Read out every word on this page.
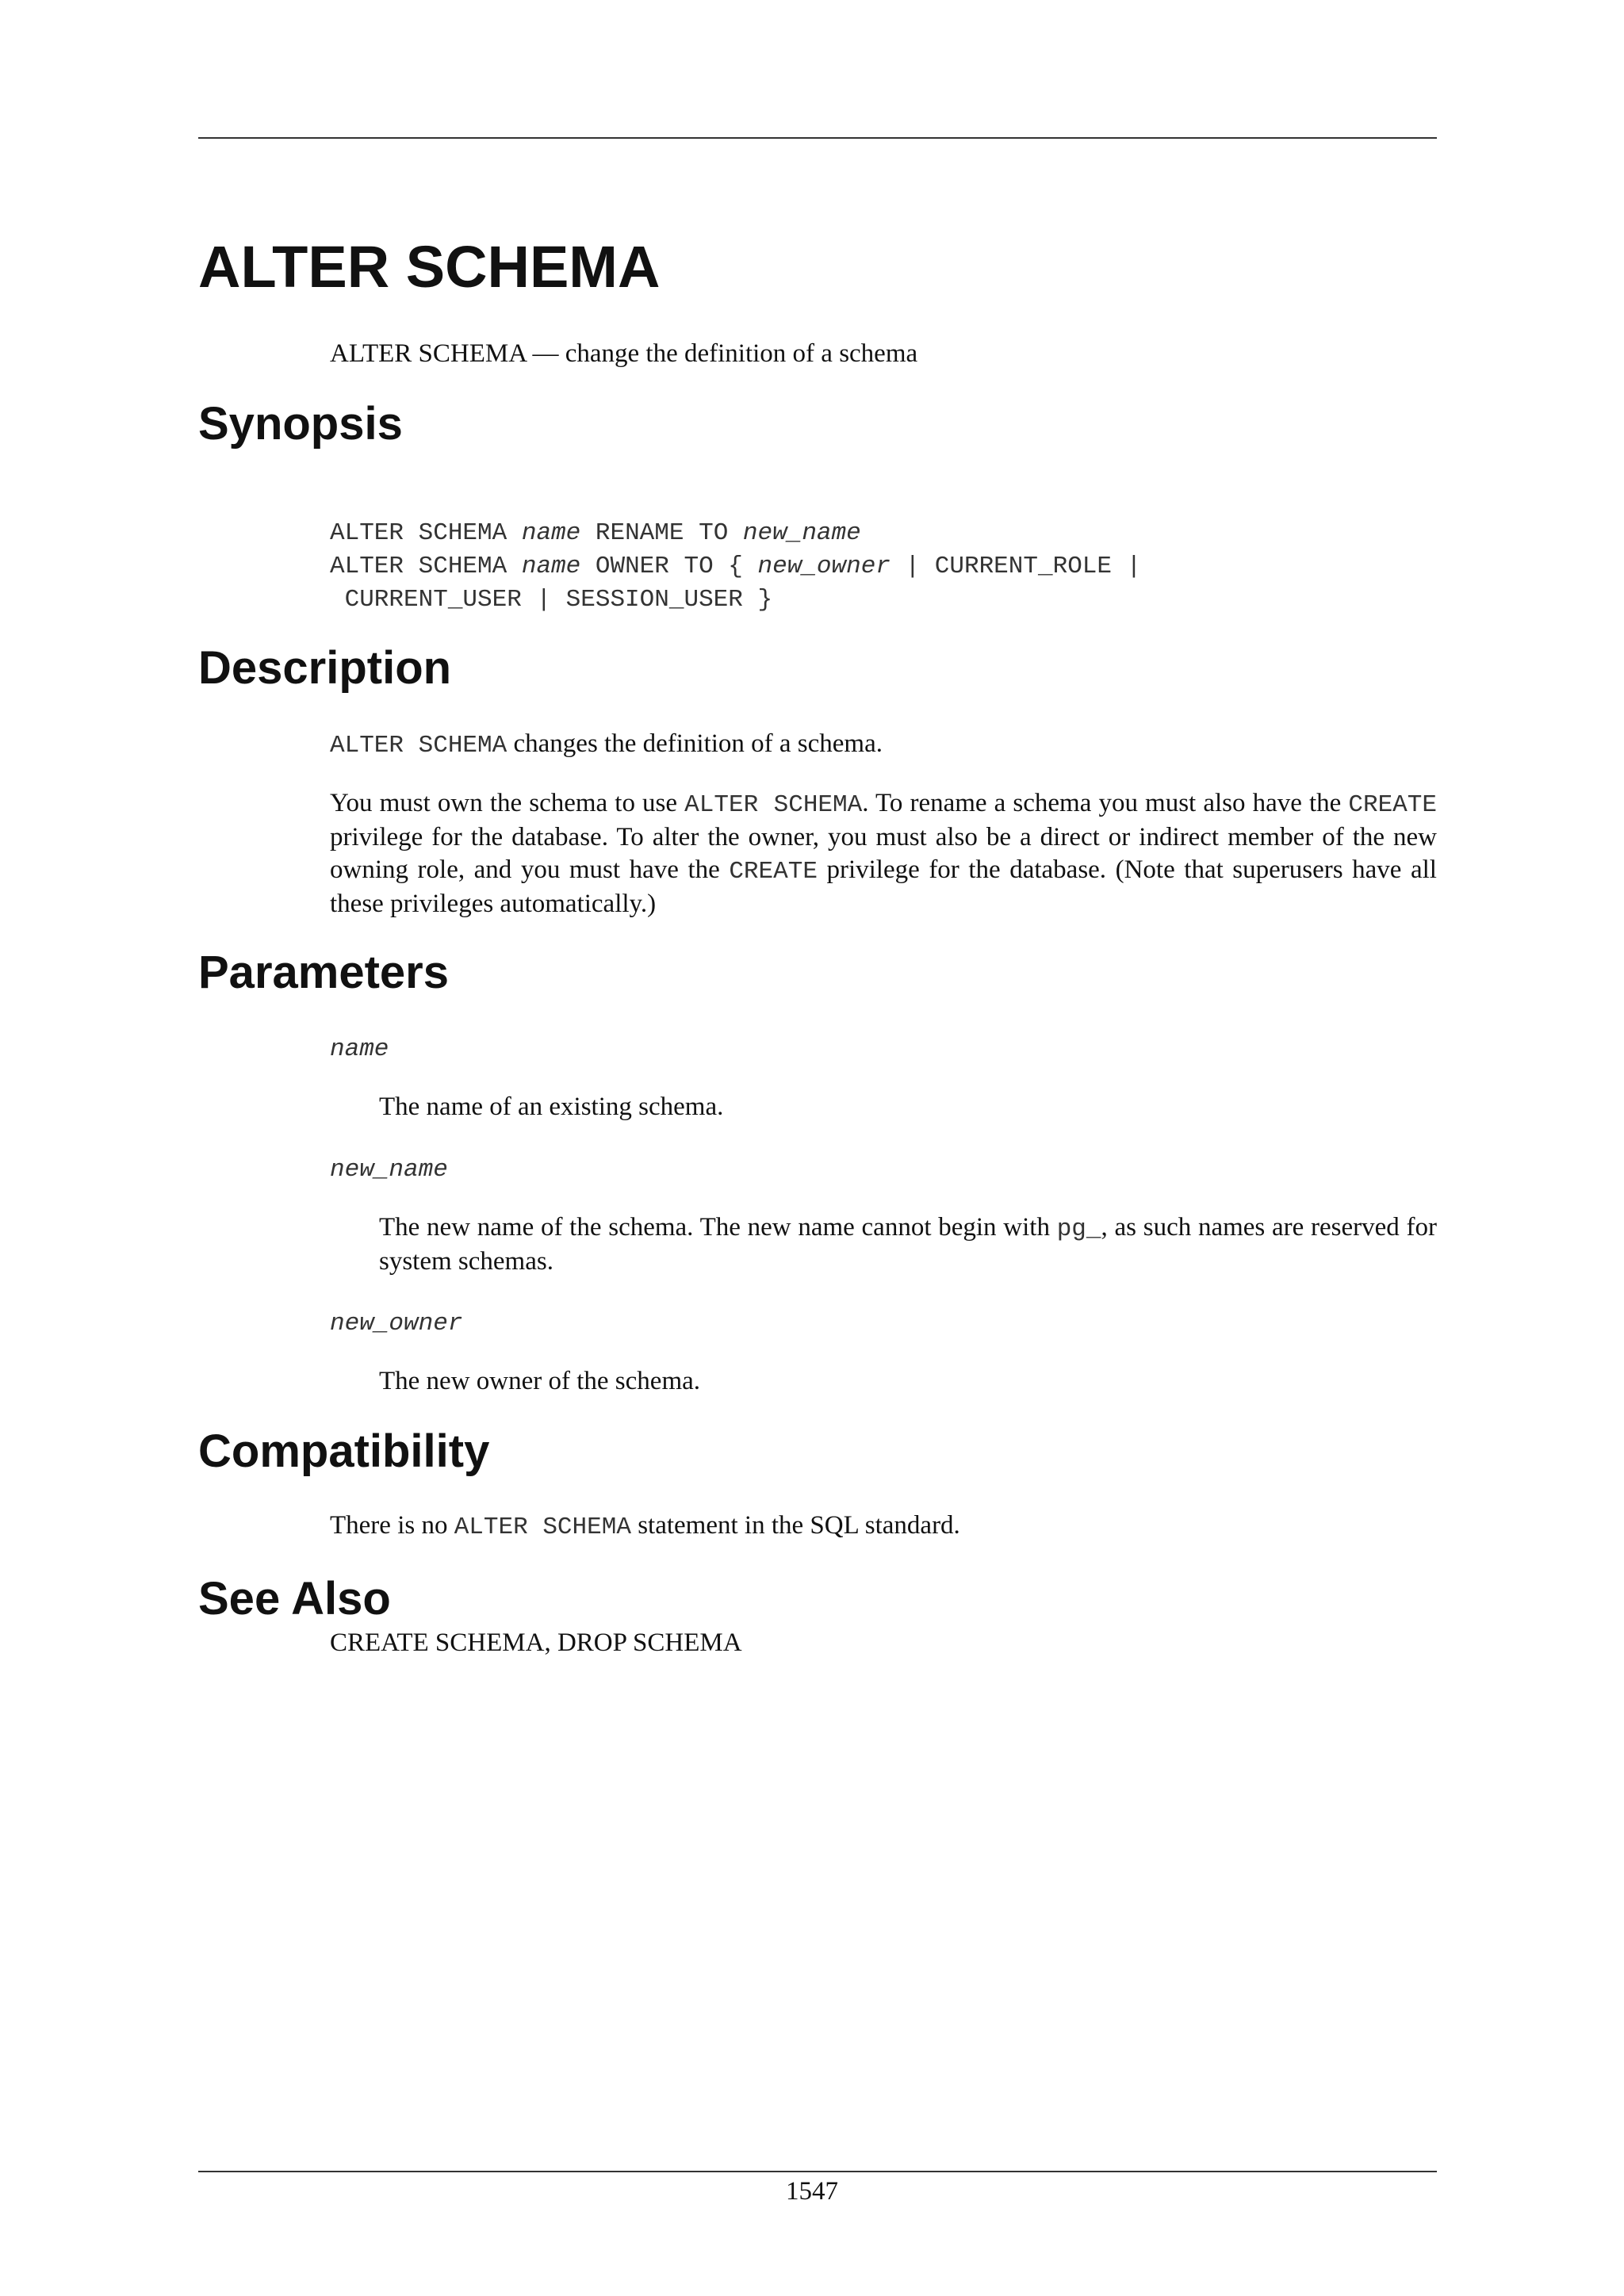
ALTER SCHEMA

ALTER SCHEMA — change the definition of a schema

Synopsis
ALTER SCHEMA name RENAME TO new_name
ALTER SCHEMA name OWNER TO { new_owner | CURRENT_ROLE |
CURRENT_USER | SESSION_USER }
Description

ALTER SCHEMA changes the definition of a schema.

You must own the schema to use ALTER SCHEMA. To rename a schema you must also have the CREATE privilege for the database. To alter the owner, you must also be a direct or indirect member of the new owning role, and you must have the CREATE privilege for the database. (Note that superusers have all these privileges automatically.)

Parameters
name

The name of an existing schema.

new_name

The new name of the schema. The new name cannot begin with pg_, as such names are reserved for system schemas.

new_owner

The new owner of the schema.

Compatibility

There is no ALTER SCHEMA statement in the SQL standard.

See Also

CREATE SCHEMA, DROP SCHEMA

1547
